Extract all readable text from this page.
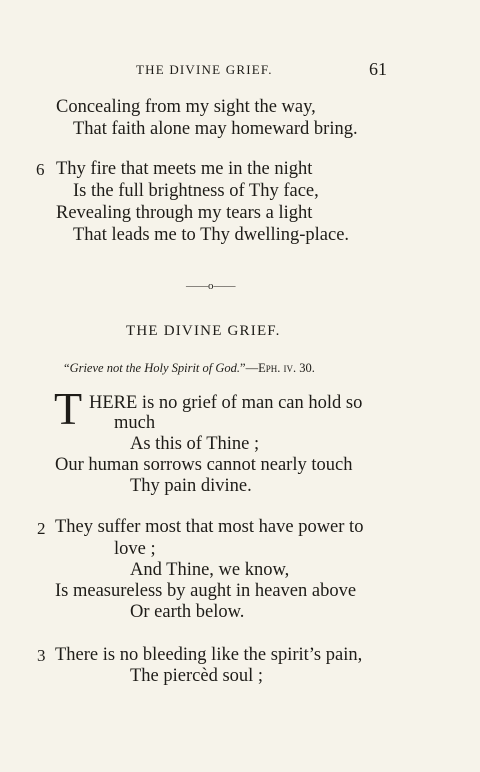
THE DIVINE GRIEF.	61
Concealing from my sight the way,
That faith alone may homeward bring.
6 Thy fire that meets me in the night
Is the full brightness of Thy face,
Revealing through my tears a light
That leads me to Thy dwelling-place.
——o——
THE DIVINE GRIEF.
“Grieve not the Holy Spirit of God.”—Eph. iv. 30.
T HERE is no grief of man can hold so
much
As this of Thine ;
Our human sorrows cannot nearly touch
Thy pain divine.
2 They suffer most that most have power to
love ;
And Thine, we know,
Is measureless by aught in heaven above
Or earth below.
3 There is no bleeding like the spirit’s pain,
The piercèd soul ;
